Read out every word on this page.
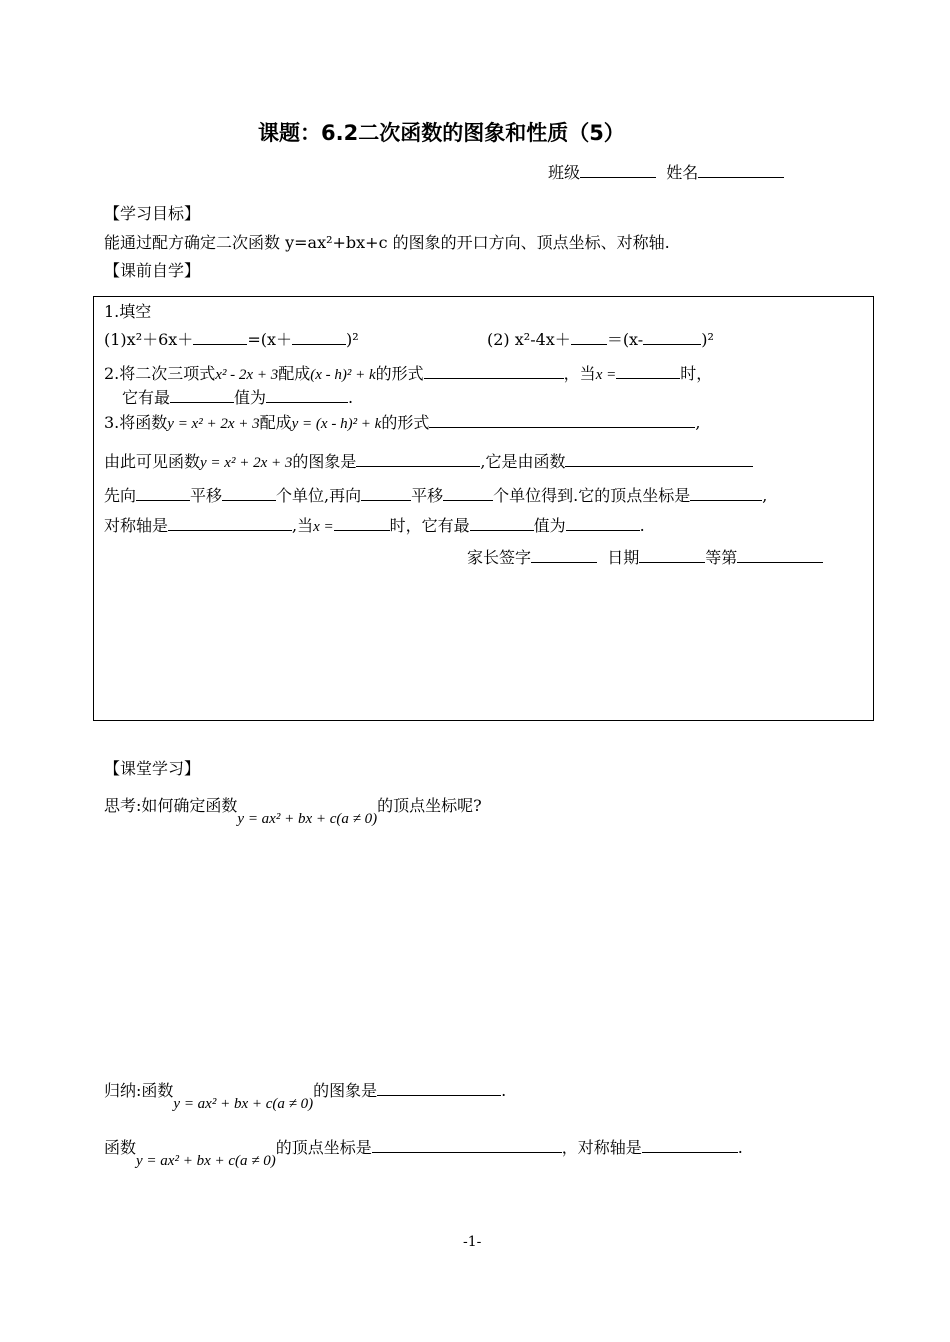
课题：6.2二次函数的图象和性质（5）
班级	姓名
【学习目标】
能通过配方确定二次函数 y=ax²+bx+c 的图象的开口方向、顶点坐标、对称轴.
【课前自学】
1.填空
(1)x²＋6x＋	=(x＋	)²	(2) x²-4x＋ ＝(x-	)²
2.将二次三项式x² - 2x + 3配成(x - h)² + k的形式	，当x =	时，
它有最	值为	.
3.将函数y = x² + 2x + 3配成y = (x - h)² + k的形式	,
由此可见函数y = x² + 2x + 3的图象是	,它是由函数
先向	平移	个单位,再向	平移	个单位得到.它的顶点坐标是	,
对称轴是	,当x =	时，它有最	值为	.
家长签字	日期	等第
【课堂学习】
思考:如何确定函数y = ax² + bx + c(a ≠ 0)的顶点坐标呢?
归纳:函数y = ax² + bx + c(a ≠ 0)的图象是	.
函数y = ax² + bx + c(a ≠ 0)的顶点坐标是	，对称轴是	.
-1-
